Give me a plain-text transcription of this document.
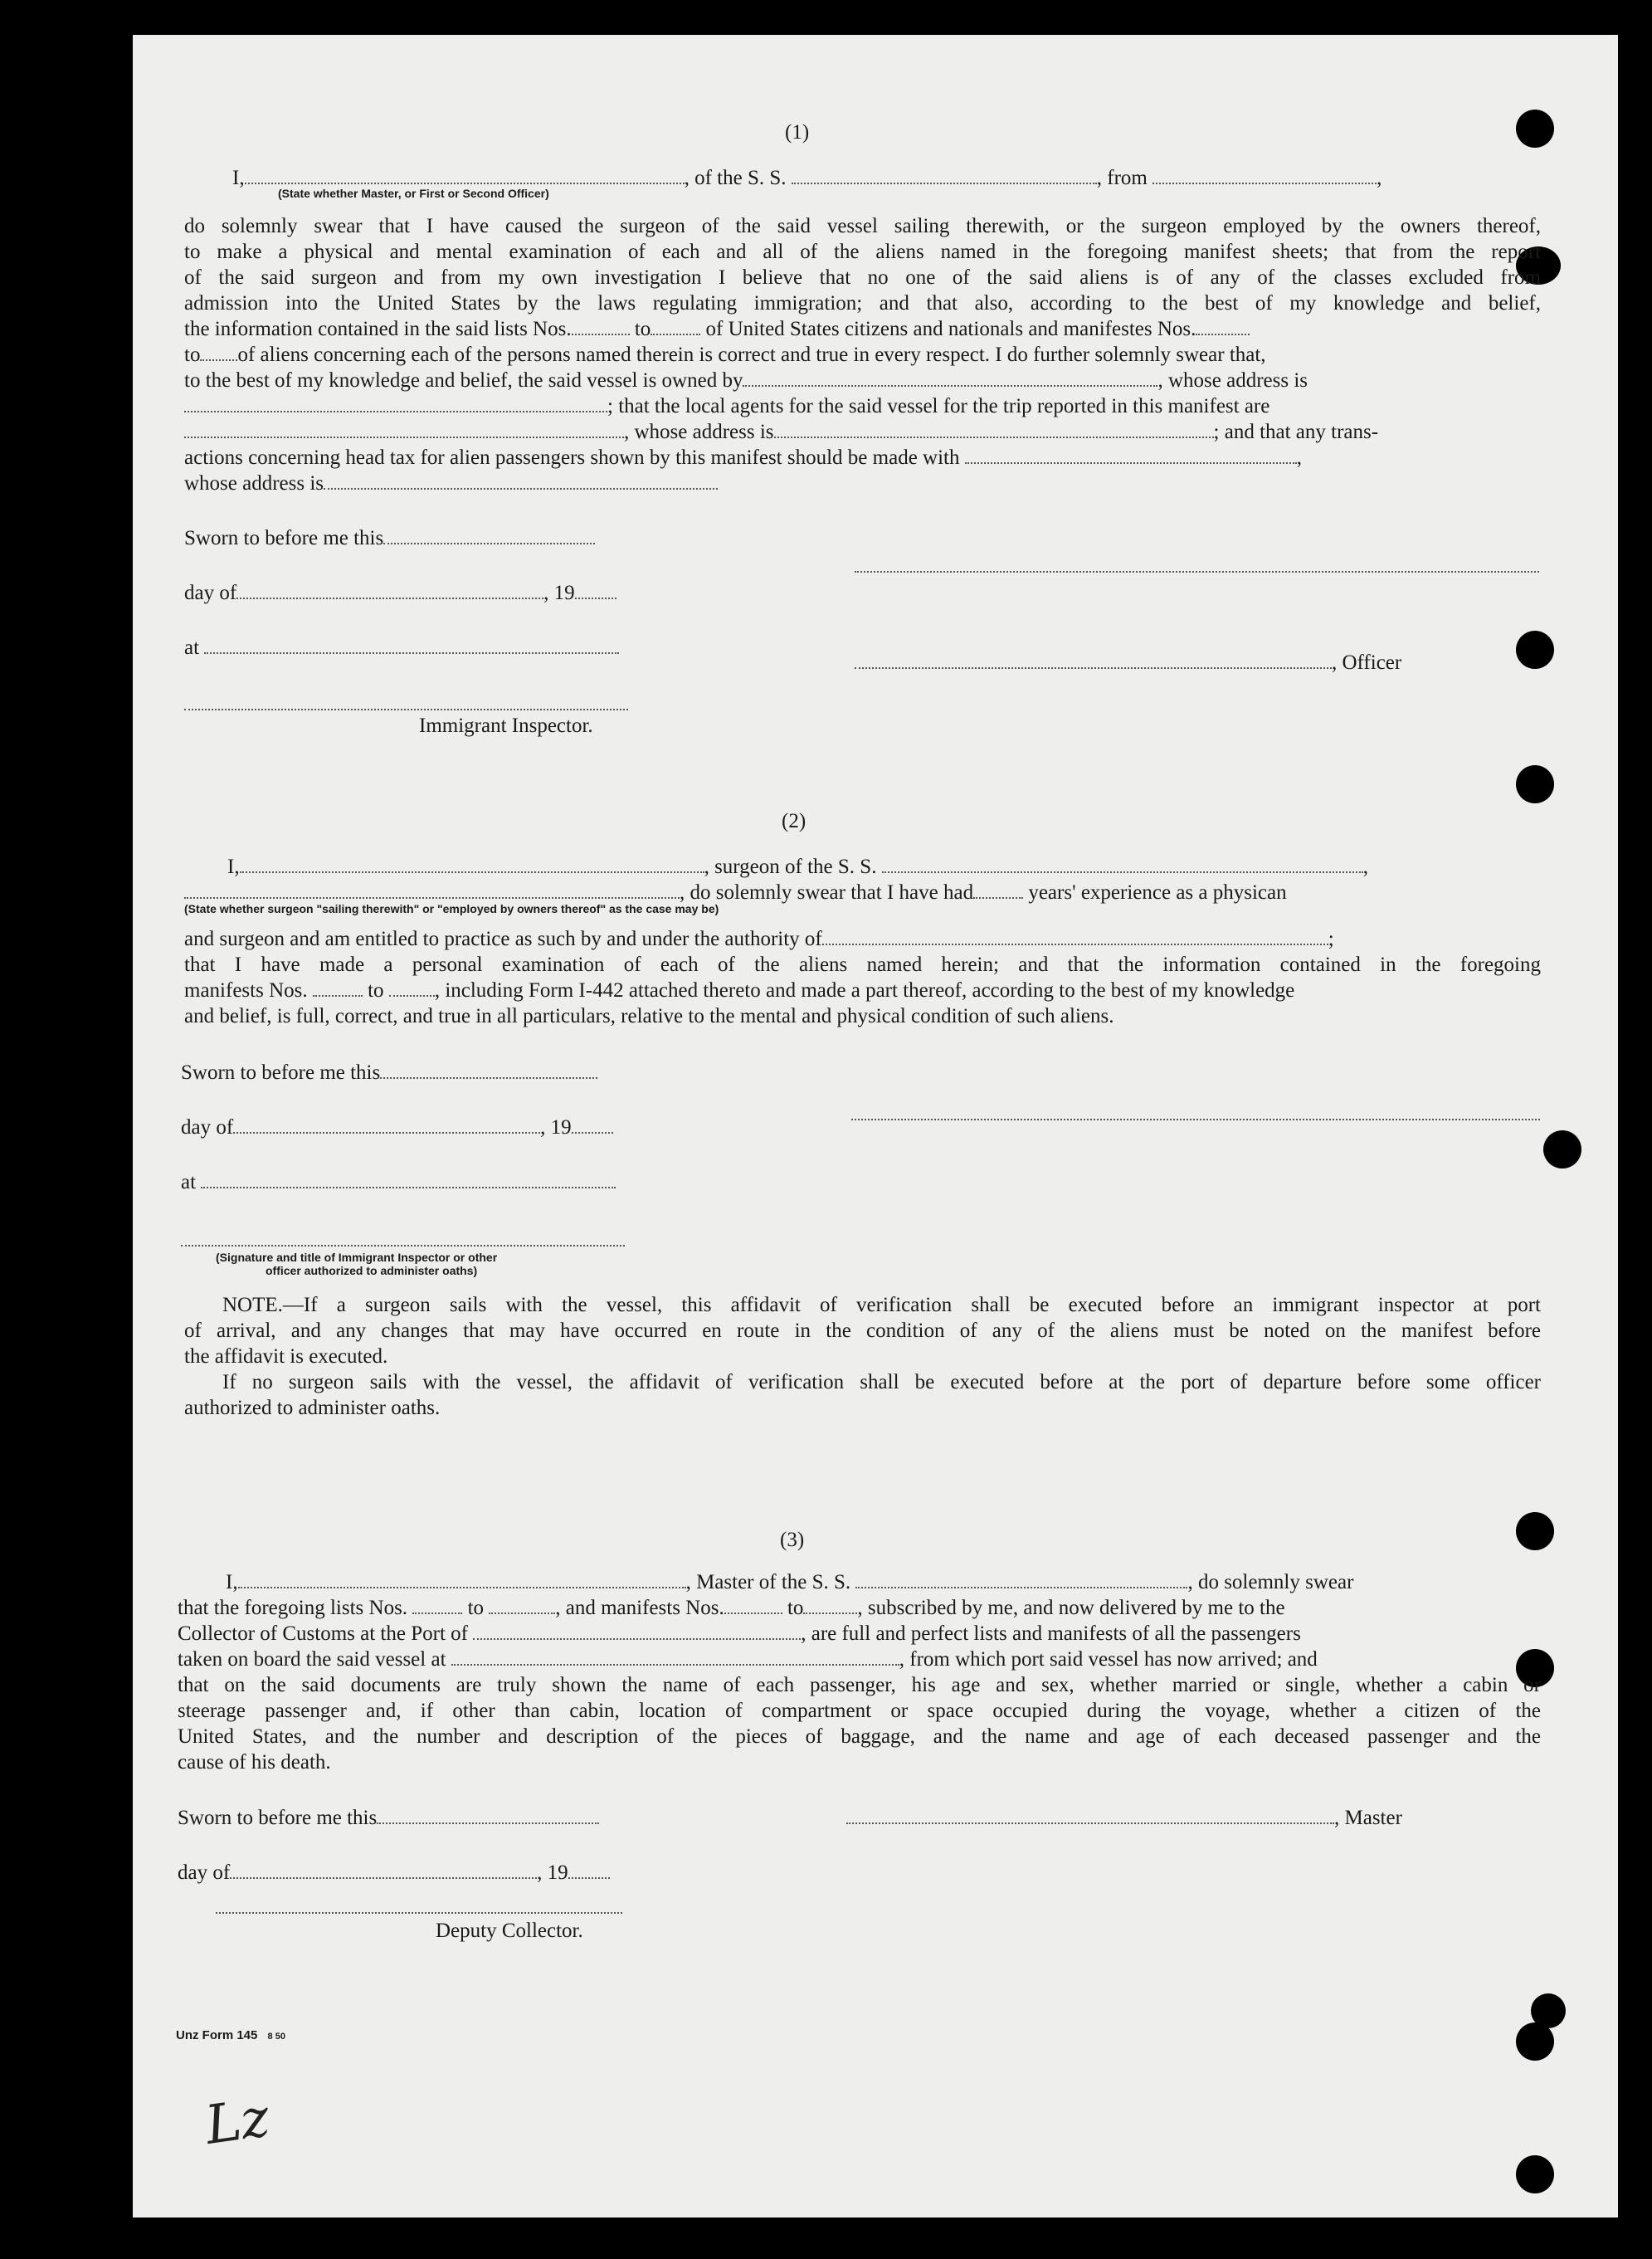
(1)
I,	, of the S. S.	, from	,
(State whether Master, or First or Second Officer)
do solemnly swear that I have caused the surgeon of the said vessel sailing therewith, or the surgeon employed by the owners thereof,
to make a physical and mental examination of each and all of the aliens named in the foregoing manifest sheets; that from the report
of the said surgeon and from my own investigation I believe that no one of the said aliens is of any of the classes excluded from
admission into the United States by the laws regulating immigration; and that also, according to the best of my knowledge and belief,
the information contained in the said lists Nos.	to	of United States citizens and nationals and manifestes Nos.
to of aliens concerning each of the persons named therein is correct and true in every respect. I do further solemnly swear that,
to the best of my knowledge and belief, the said vessel is owned by	, whose address is
; that the local agents for the said vessel for the trip reported in this manifest are
, whose address is	; and that any trans-
actions concerning head tax for alien passengers shown by this manifest should be made with	,
whose address is
Sworn to before me this
day of	, 19
at
, Officer
Immigrant Inspector.
(2)
I,	, surgeon of the S. S.	,
, do solemnly swear that I have had	years' experience as a physican
(State whether surgeon "sailing therewith" or "employed by owners thereof" as the case may be)
and surgeon and am entitled to practice as such by and under the authority of	;
that I have made a personal examination of each of the aliens named herein; and that the information contained in the foregoing
manifests Nos.	to , including Form I-442 attached thereto and made a part thereof, according to the best of my knowledge
and belief, is full, correct, and true in all particulars, relative to the mental and physical condition of such aliens.
Sworn to before me this
day of	, 19
at
(Signature and title of Immigrant Inspector or other
officer authorized to administer oaths)
NOTE.—If a surgeon sails with the vessel, this affidavit of verification shall be executed before an immigrant inspector at port
of arrival, and any changes that may have occurred en route in the condition of any of the aliens must be noted on the manifest before
the affidavit is executed.
If no surgeon sails with the vessel, the affidavit of verification shall be executed before at the port of departure before some officer
authorized to administer oaths.
(3)
I,	, Master of the S. S.	, do solemnly swear
that the foregoing lists Nos.	to	, and manifests Nos.	to	, subscribed by me, and now delivered by me to the
Collector of Customs at the Port of	, are full and perfect lists and manifests of all the passengers
taken on board the said vessel at	, from which port said vessel has now arrived; and
that on the said documents are truly shown the name of each passenger, his age and sex, whether married or single, whether a cabin or
steerage passenger and, if other than cabin, location of compartment or space occupied during the voyage, whether a citizen of the
United States, and the number and description of the pieces of baggage, and the name and age of each deceased passenger and the
cause of his death.
Sworn to before me this	, Master
day of	, 19
Deputy Collector.
Unz Form 145 8 50
Lz
